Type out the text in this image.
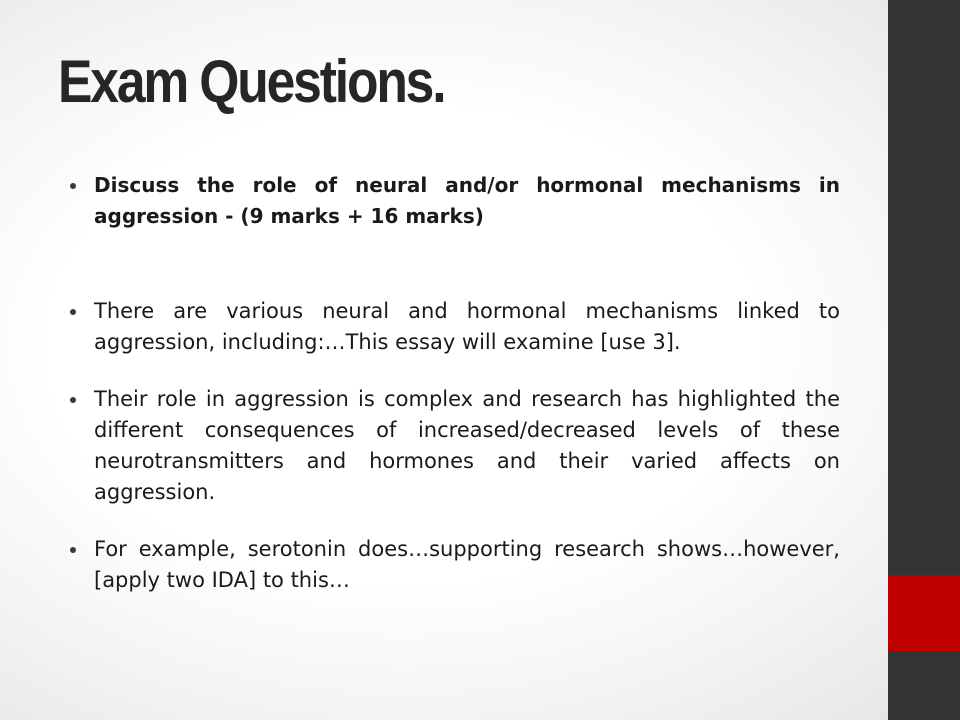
Exam Questions.
Discuss the role of neural and/or hormonal mechanisms in aggression - (9 marks + 16 marks)
There are various neural and hormonal mechanisms linked to aggression, including:…This essay will examine [use 3].
Their role in aggression is complex and research has highlighted the different consequences of increased/decreased levels of these neurotransmitters and hormones and their varied affects on aggression.
For example, serotonin does…supporting research shows…however, [apply two IDA] to this…
